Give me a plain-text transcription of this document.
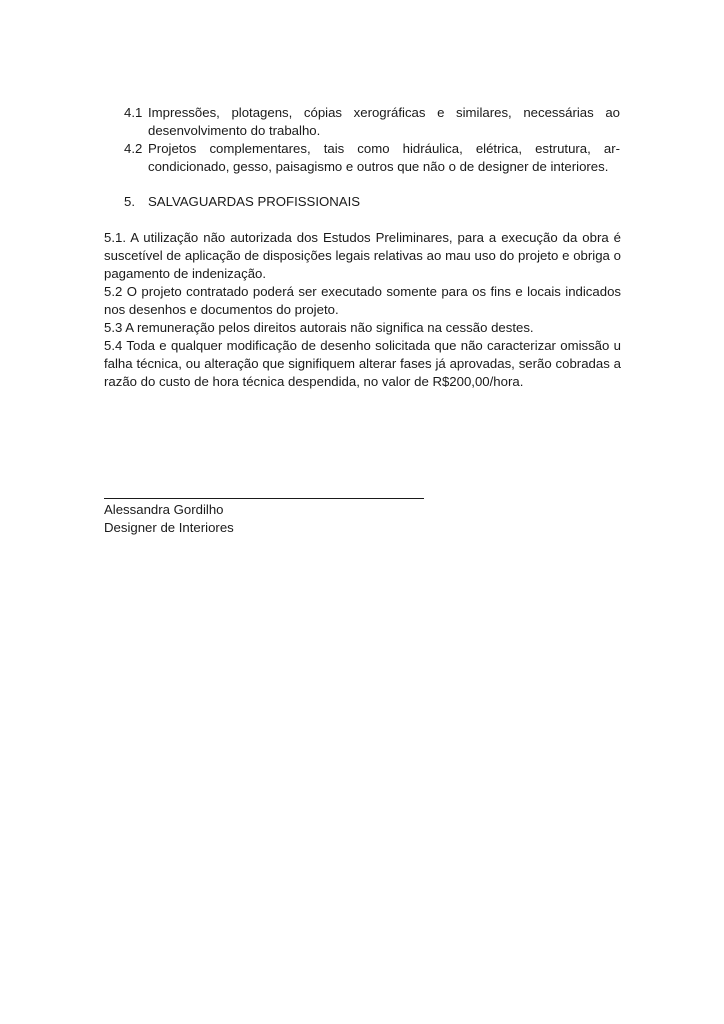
4.1 Impressões, plotagens, cópias xerográficas e similares, necessárias ao desenvolvimento do trabalho.
4.2 Projetos complementares, tais como hidráulica, elétrica, estrutura, ar-condicionado, gesso, paisagismo e outros que não o de designer de interiores.
5. SALVAGUARDAS PROFISSIONAIS

5.1. A utilização não autorizada dos Estudos Preliminares, para a execução da obra é suscetível de aplicação de disposições legais relativas ao mau uso do projeto e obriga o pagamento de indenização.

5.2 O projeto contratado poderá ser executado somente para os fins e locais indicados nos desenhos e documentos do projeto.

5.3 A remuneração pelos direitos autorais não significa na cessão destes.

5.4 Toda e qualquer modificação de desenho solicitada que não caracterizar omissão u falha técnica, ou alteração que signifiquem alterar fases já aprovadas, serão cobradas a razão do custo de hora técnica despendida, no valor de R$200,00/hora.

Alessandra Gordilho

Designer de Interiores
